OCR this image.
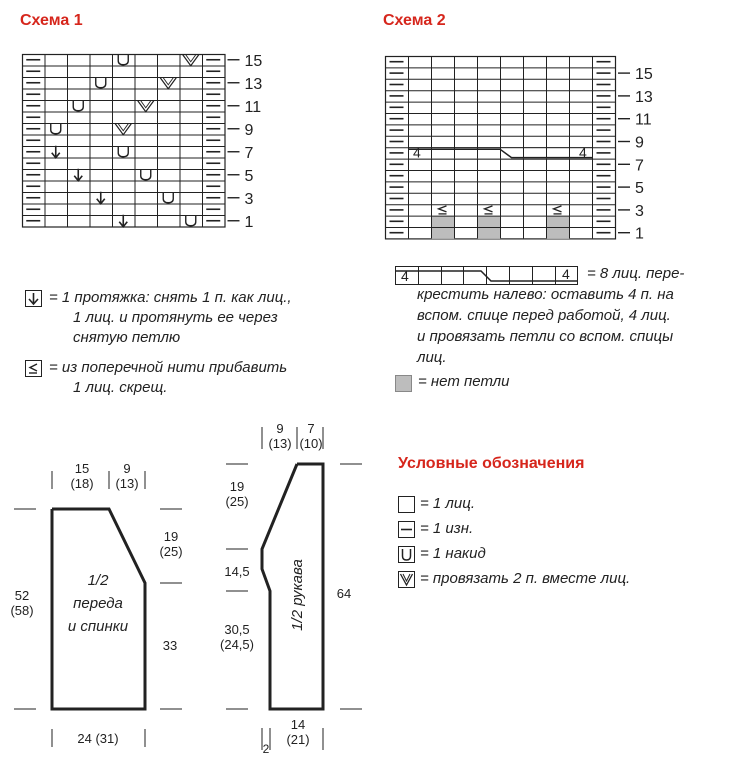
Схема 1
15
13
11
9
7
5
3
1
Схема 2
4	4
15
13
11
9
7
5
3
1
= 1 протяжка: снять 1 п. как лиц.,
1 лиц. и протянуть ее через
снятую петлю
= из поперечной нити прибавить
1 лиц. скрещ.
4	4 = 8 лиц. пере-
крестить налево: оставить 4 п. на
вспом. спице перед работой, 4 лиц.
и провязать петли со вспом. спицы
лиц.
= нет петли
Условные обозначения
= 1 лиц.
= 1 изн.
= 1 накид
= провязать 2 п. вместе лиц.
15
(18)
9
(13)
19
(25)
33
52
(58)
24 (31)
1/2
переда
и спинки
9
(13)
7
(10)
19
(25)
14,5
30,5
(24,5)
64
14
(21)
2
1/2 рукава
